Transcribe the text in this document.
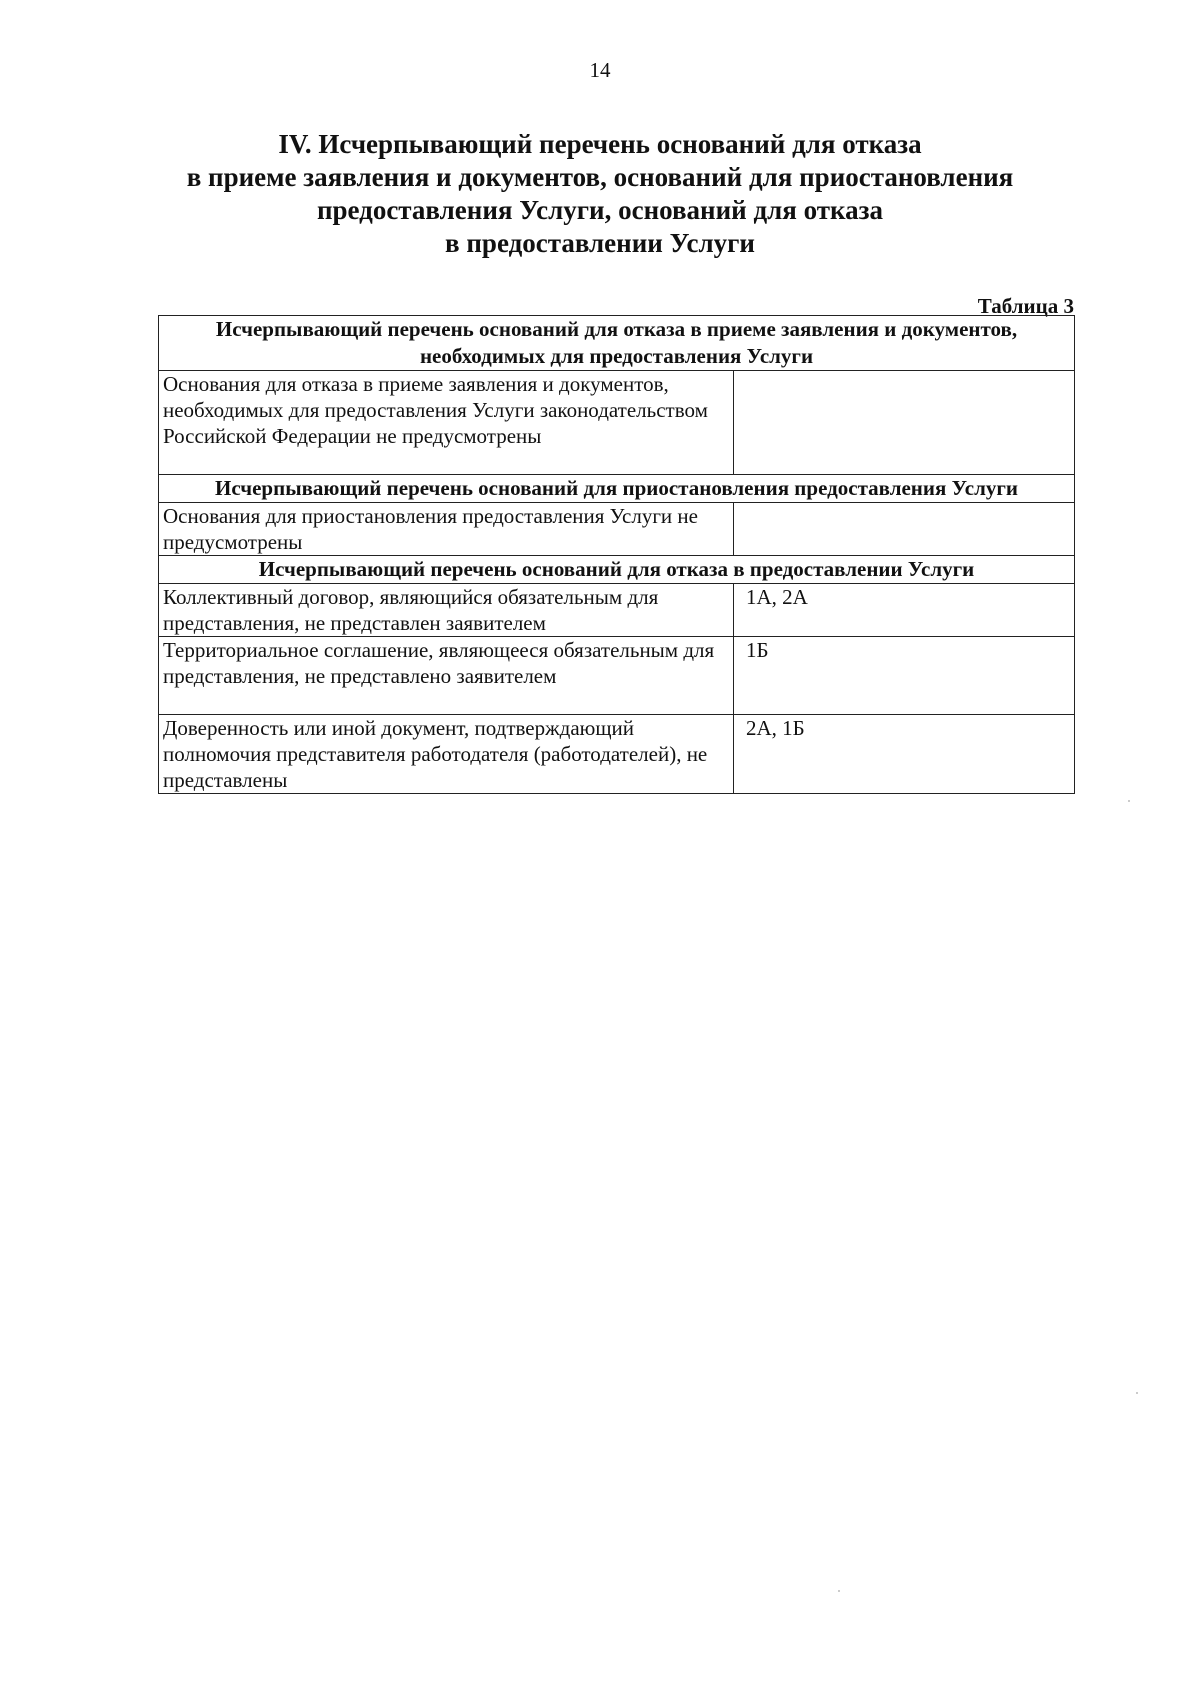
14
IV. Исчерпывающий перечень оснований для отказа
в приеме заявления и документов, оснований для приостановления
предоставления Услуги, оснований для отказа
в предоставлении Услуги
Таблица 3
Исчерпывающий перечень оснований для отказа в приеме заявления и документов, необходимых для предоставления Услуги	
Основания для отказа в приеме заявления и документов, необходимых для предоставления Услуги законодательством Российской Федерации не предусмотрены	
Исчерпывающий перечень оснований для приостановления предоставления Услуги	
Основания для приостановления предоставления Услуги не предусмотрены	
Исчерпывающий перечень оснований для отказа в предоставлении Услуги	
Коллективный договор, являющийся обязательным для представления, не представлен заявителем	1А, 2А
Территориальное соглашение, являющееся обязательным для представления, не представлено заявителем	1Б
Доверенность или иной документ, подтверждающий полномочия представителя работодателя (работодателей), не представлены	2А, 1Б
